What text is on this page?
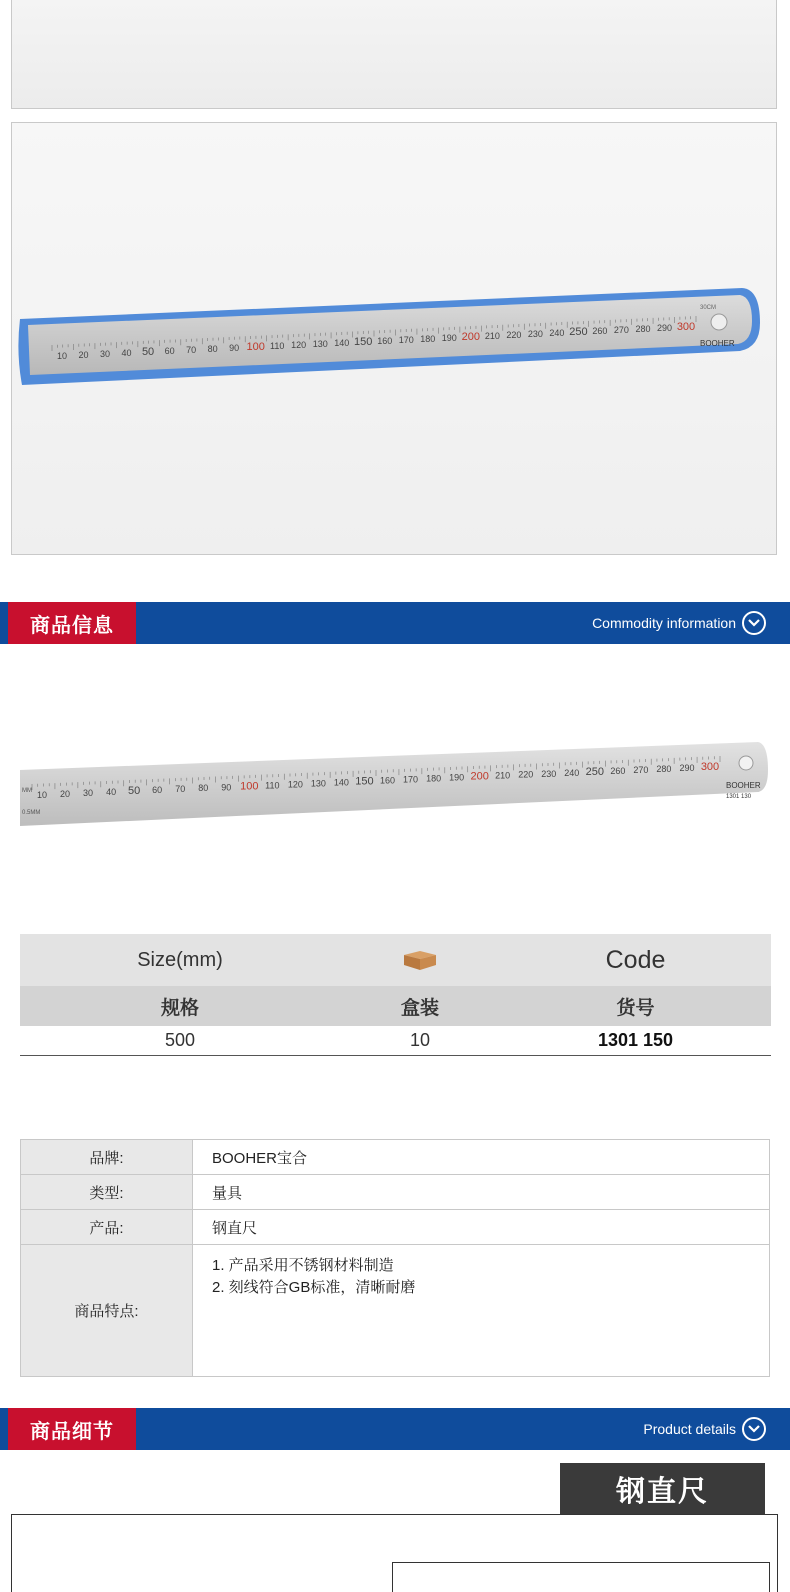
10 20 30 40 50 60 70 80 90 100 110 120 130 140 150 160 170 180 190 200 210 220 230 240 250 260 270 280 290 300
BOOHER
30CM
商品信息	Commodity information
10 20 30 40 50 60 70 80 90 100 110 120 130 140 150 160 170 180 190 200 210 220 230 240 250 260 270 280 290 300
MM
0.5MM
BOOHER
1301 130
Size(mm)	Code
规格	盒装	货号
500	10	1301 150
品牌:	BOOHER宝合
类型:	量具
产品:	钢直尺
商品特点:	1. 产品采用不锈钢材料制造
2. 刻线符合GB标准，清晰耐磨
商品细节	Product details
钢直尺
